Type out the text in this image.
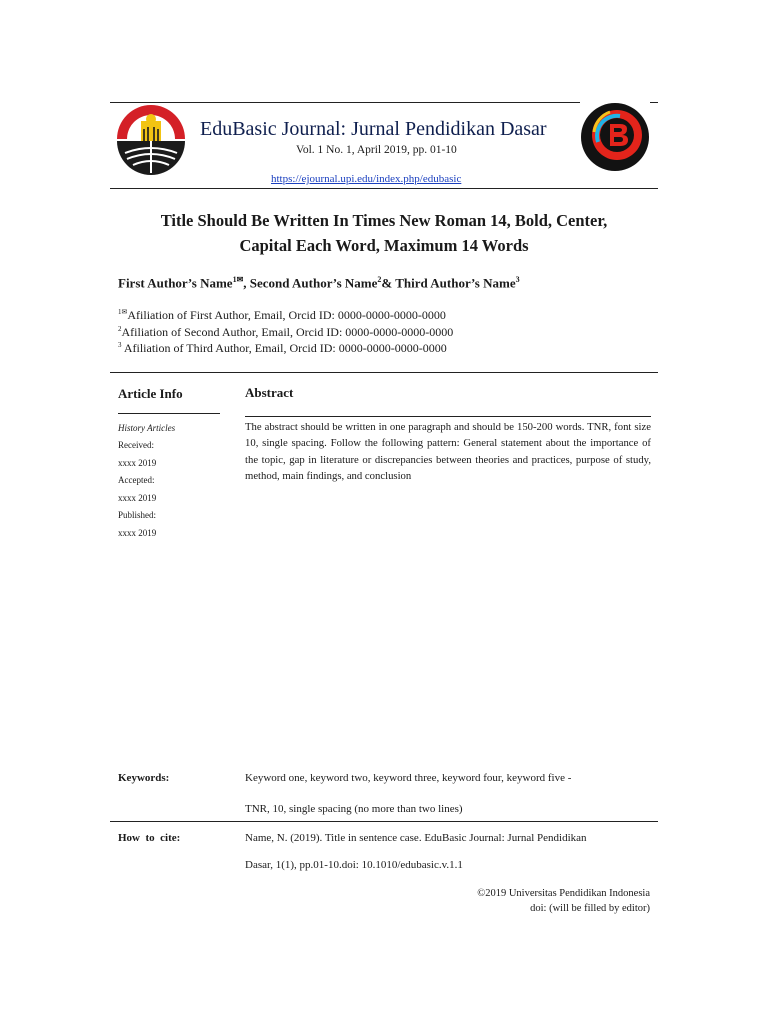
EduBasic Journal: Jurnal Pendidikan Dasar
Vol. 1 No. 1, April 2019, pp. 01-10
https://ejournal.upi.edu/index.php/edubasic
Title Should Be Written In Times New Roman 14, Bold, Center,
Capital Each Word, Maximum 14 Words
First Author’s Name$^{1✉}$, Second Author’s Name$^2$& Third Author’s Name$^3$
$^{1✉}$Afiliation of First Author, Email, Orcid ID: 0000-0000-0000-0000
$^2$Afiliation of Second Author, Email, Orcid ID: 0000-0000-0000-0000
$^3$ Afiliation of Third Author, Email, Orcid ID: 0000-0000-0000-0000
Article Info
History Articles
Received:
xxxx 2019
Accepted:
xxxx 2019
Published:
xxxx 2019
Abstract
The abstract should be written in one paragraph and should be 150-200 words. TNR, font size 10, single spacing. Follow the following pattern: General statement about the importance of the topic, gap in literature or discrepancies between theories and practices, purpose of study, method, main findings, and conclusion
Keywords:	Keyword one, keyword two, keyword three, keyword four, keyword five -
TNR, 10, single spacing (no more than two lines)
How  to  cite:	Name, N. (2019). Title in sentence case. EduBasic Journal: Jurnal Pendidikan
Dasar, 1(1), pp.01-10.doi: 10.1010/edubasic.v.1.1
©2019 Universitas Pendidikan Indonesia
doi: (will be filled by editor)
